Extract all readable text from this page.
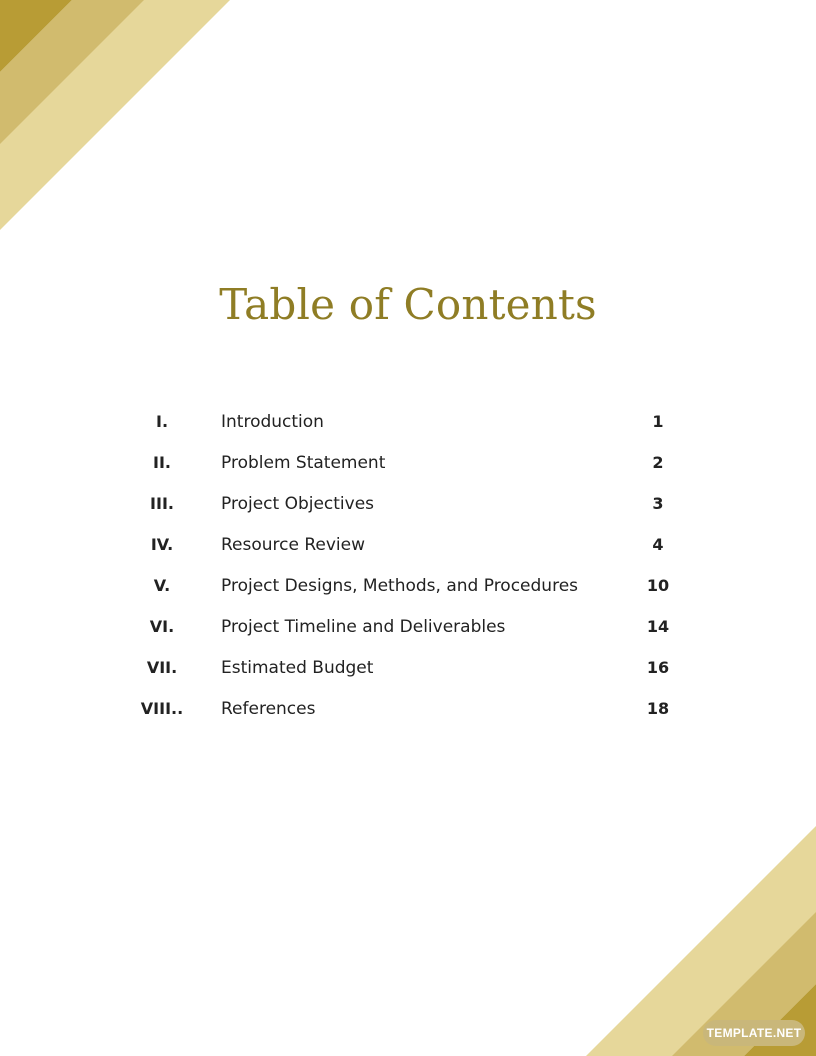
Table of Contents
I.	Introduction	1
II.	Problem Statement	2
III.	Project Objectives	3
IV.	Resource Review	4
V.	Project Designs, Methods, and Procedures	10
VI.	Project Timeline and Deliverables	14
VII.	Estimated Budget	16
VIII..	References	18
TEMPLATE.NET
